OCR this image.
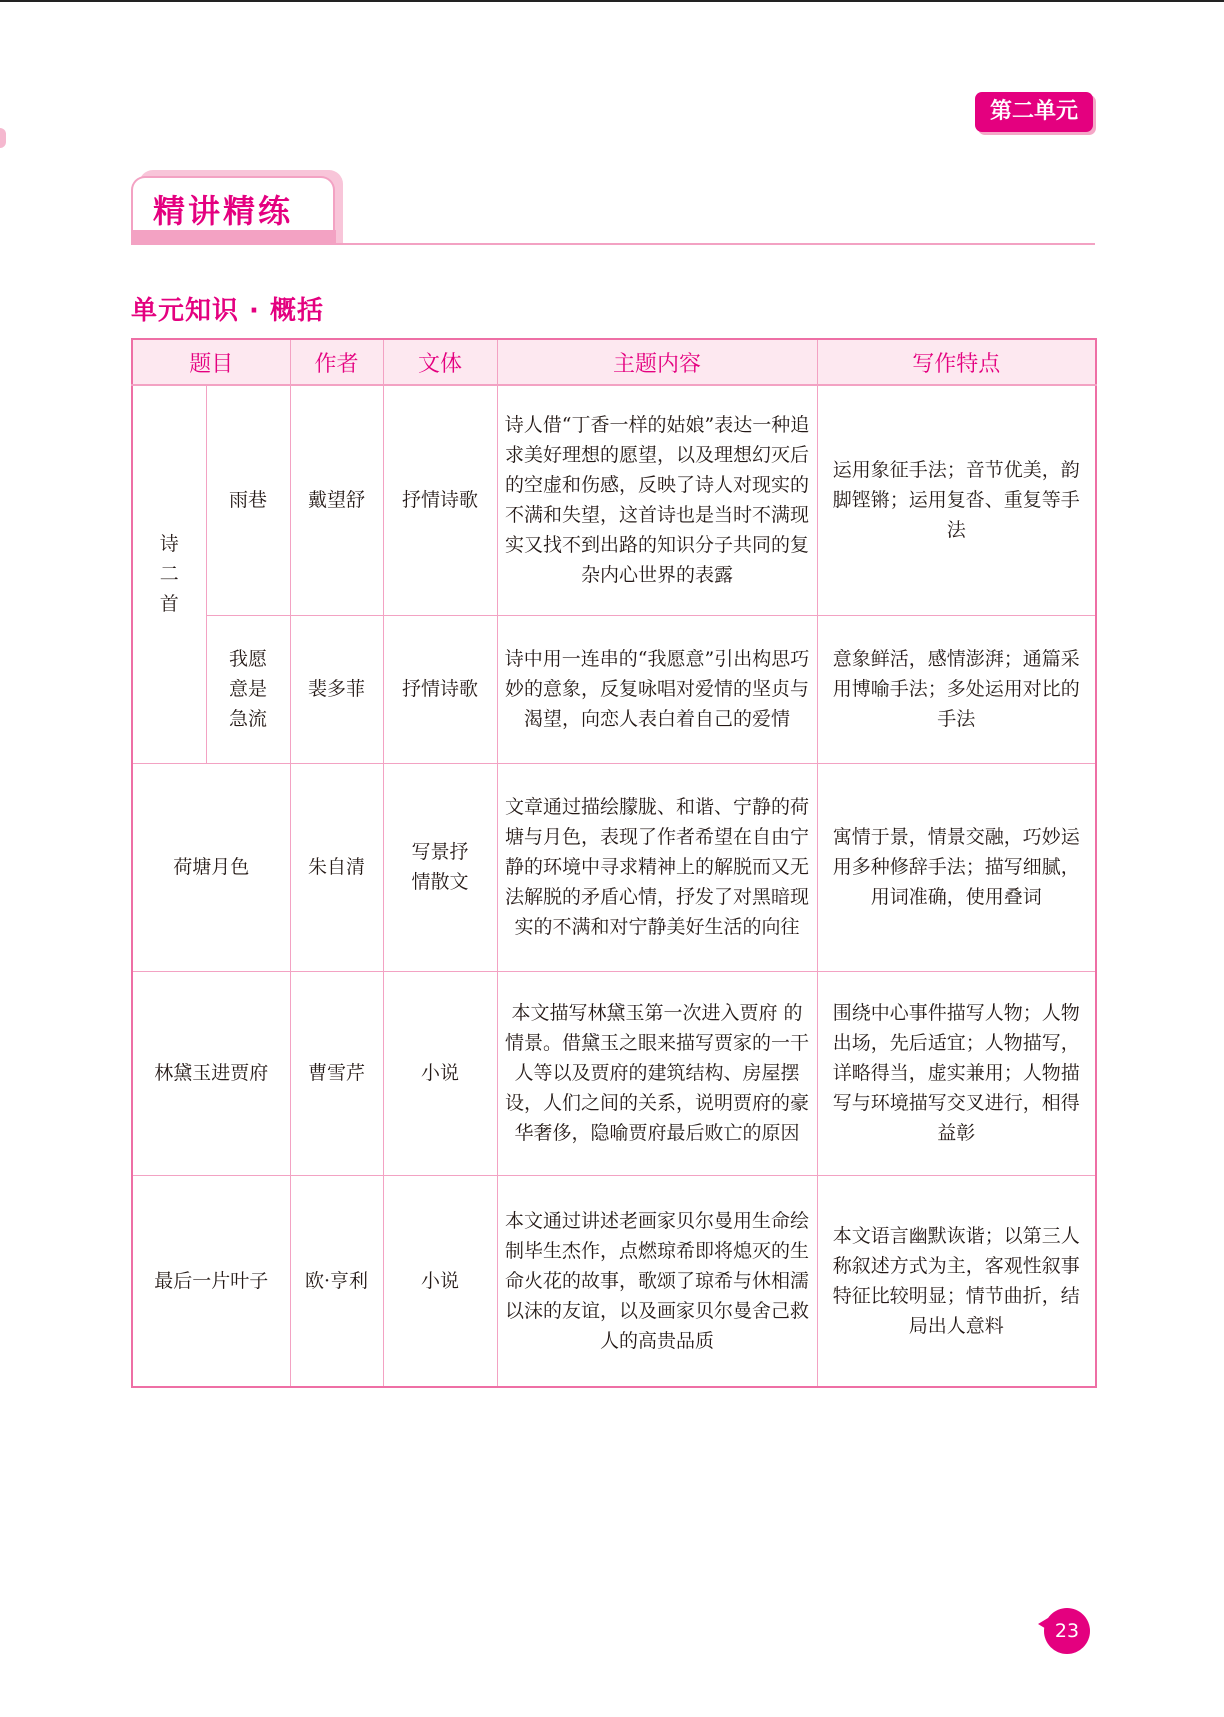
第二单元
精讲精练
单元知识 · 概括
题目		作者	文体	主题内容	写作特点

诗二首	雨巷	戴望舒	抒情诗歌	诗人借“丁香一样的姑娘”表达一种追求美好理想的愿望，以及理想幻灭后的空虚和伤感，反映了诗人对现实的不满和失望，这首诗也是当时不满现实又找不到出路的知识分子共同的复杂内心世界的表露	运用象征手法；音节优美，韵脚铿锵；运用复沓、重复等手法

	我愿意是急流	裴多菲	抒情诗歌	诗中用一连串的“我愿意”引出构思巧妙的意象，反复咏唱对爱情的坚贞与渴望，向恋人表白着自己的爱情	意象鲜活，感情澎湃；通篇采用博喻手法；多处运用对比的手法
荷塘月色		朱自清	写景抒情散文	文章通过描绘朦胧、和谐、宁静的荷塘与月色，表现了作者希望在自由宁静的环境中寻求精神上的解脱而又无法解脱的矛盾心情，抒发了对黑暗现实的不满和对宁静美好生活的向往	寓情于景，情景交融，巧妙运用多种修辞手法；描写细腻，用词准确，使用叠词
林黛玉进贾府		曹雪芹	小说	本文描写林黛玉第一次进入贾府 的情景。借黛玉之眼来描写贾家的一干人等以及贾府的建筑结构、房屋摆设，人们之间的关系，说明贾府的豪华奢侈，隐喻贾府最后败亡的原因	围绕中心事件描写人物；人物出场，先后适宜；人物描写，详略得当，虚实兼用；人物描写与环境描写交叉进行，相得益彰
最后一片叶子		欧·亨利	小说	本文通过讲述老画家贝尔曼用生命绘制毕生杰作，点燃琼希即将熄灭的生命火花的故事，歌颂了琼希与休相濡以沫的友谊，以及画家贝尔曼舍己救人的高贵品质	本文语言幽默诙谐；以第三人称叙述方式为主，客观性叙事特征比较明显；情节曲折，结局出人意料
23
